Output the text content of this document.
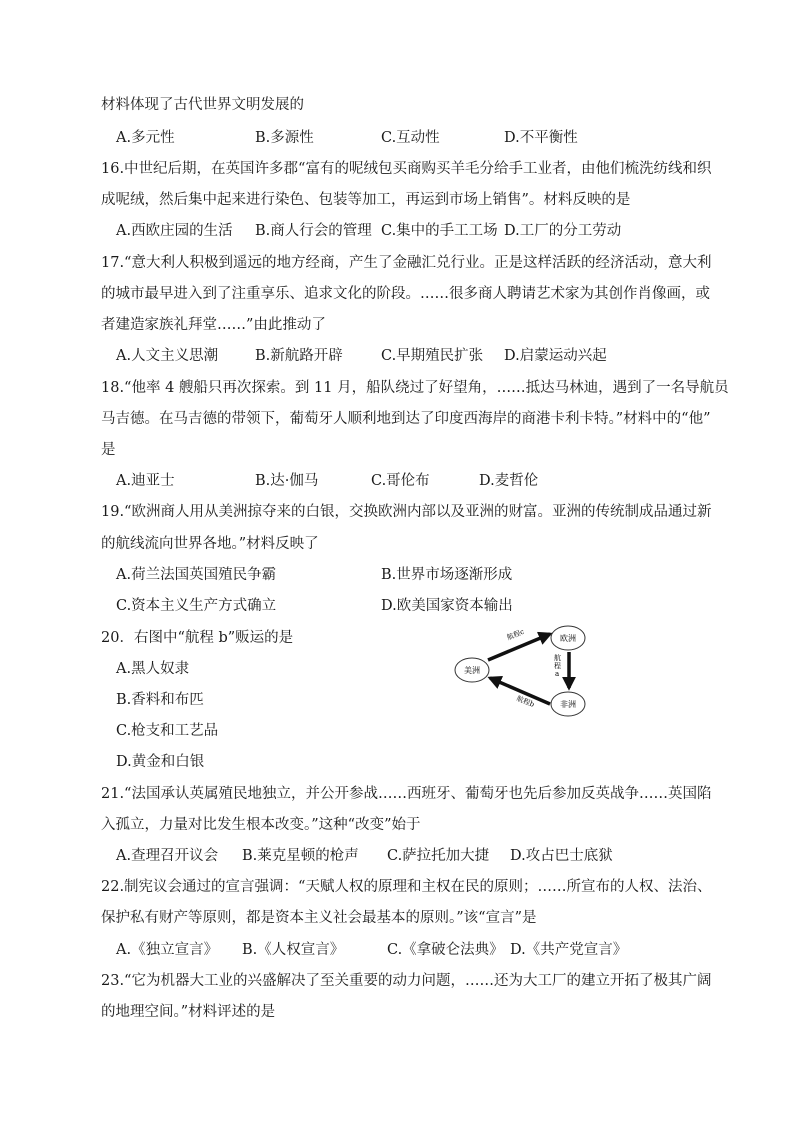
材料体现了古代世界文明发展的
A.多元性	B.多源性	C.互动性	D.不平衡性
16.中世纪后期，在英国许多郡“富有的呢绒包买商购买羊毛分给手工业者，由他们梳洗纺线和织
成呢绒，然后集中起来进行染色、包装等加工，再运到市场上销售”。材料反映的是
A.西欧庄园的生活 B.商人行会的管理 C.集中的手工工场 D.工厂的分工劳动
17.“意大利人积极到遥远的地方经商，产生了金融汇兑行业。正是这样活跃的经济活动，意大利
的城市最早进入到了注重享乐、追求文化的阶段。……很多商人聘请艺术家为其创作肖像画，或
者建造家族礼拜堂……”由此推动了
A.人文主义思潮	B.新航路开辟	C.早期殖民扩张 D.启蒙运动兴起
18.“他率 4 艘船只再次探索。到 11 月，船队绕过了好望角，……抵达马林迪，遇到了一名导航员
马吉德。在马吉德的带领下，葡萄牙人顺利地到达了印度西海岸的商港卡利卡特。”材料中的“他”
是
A.迪亚士	B.达·伽马	C.哥伦布	D.麦哲伦
19.“欧洲商人用从美洲掠夺来的白银，交换欧洲内部以及亚洲的财富。亚洲的传统制成品通过新
的航线流向世界各地。”材料反映了
A.荷兰法国英国殖民争霸	B.世界市场逐渐形成
C.资本主义生产方式确立	D.欧美国家资本输出
20．右图中“航程 b”贩运的是
A.黑人奴隶
B.香料和布匹
C.枪支和工艺品
D.黄金和白银
美洲
欧洲
非洲
航程c
航
程
a
航程b
21.“法国承认英属殖民地独立，并公开参战……西班牙、葡萄牙也先后参加反英战争……英国陷
入孤立，力量对比发生根本改变。”这种“改变”始于
A.查理召开议会 B.莱克星顿的枪声 C.萨拉托加大捷 D.攻占巴士底狱
22.制宪议会通过的宣言强调：“天赋人权的原理和主权在民的原则；……所宣布的人权、法治、
保护私有财产等原则，都是资本主义社会最基本的原则。”该“宣言”是
A.《独立宣言》 B.《人权宣言》	C.《拿破仑法典》 D.《共产党宣言》
23.“它为机器大工业的兴盛解决了至关重要的动力问题，……还为大工厂的建立开拓了极其广阔
的地理空间。”材料评述的是
